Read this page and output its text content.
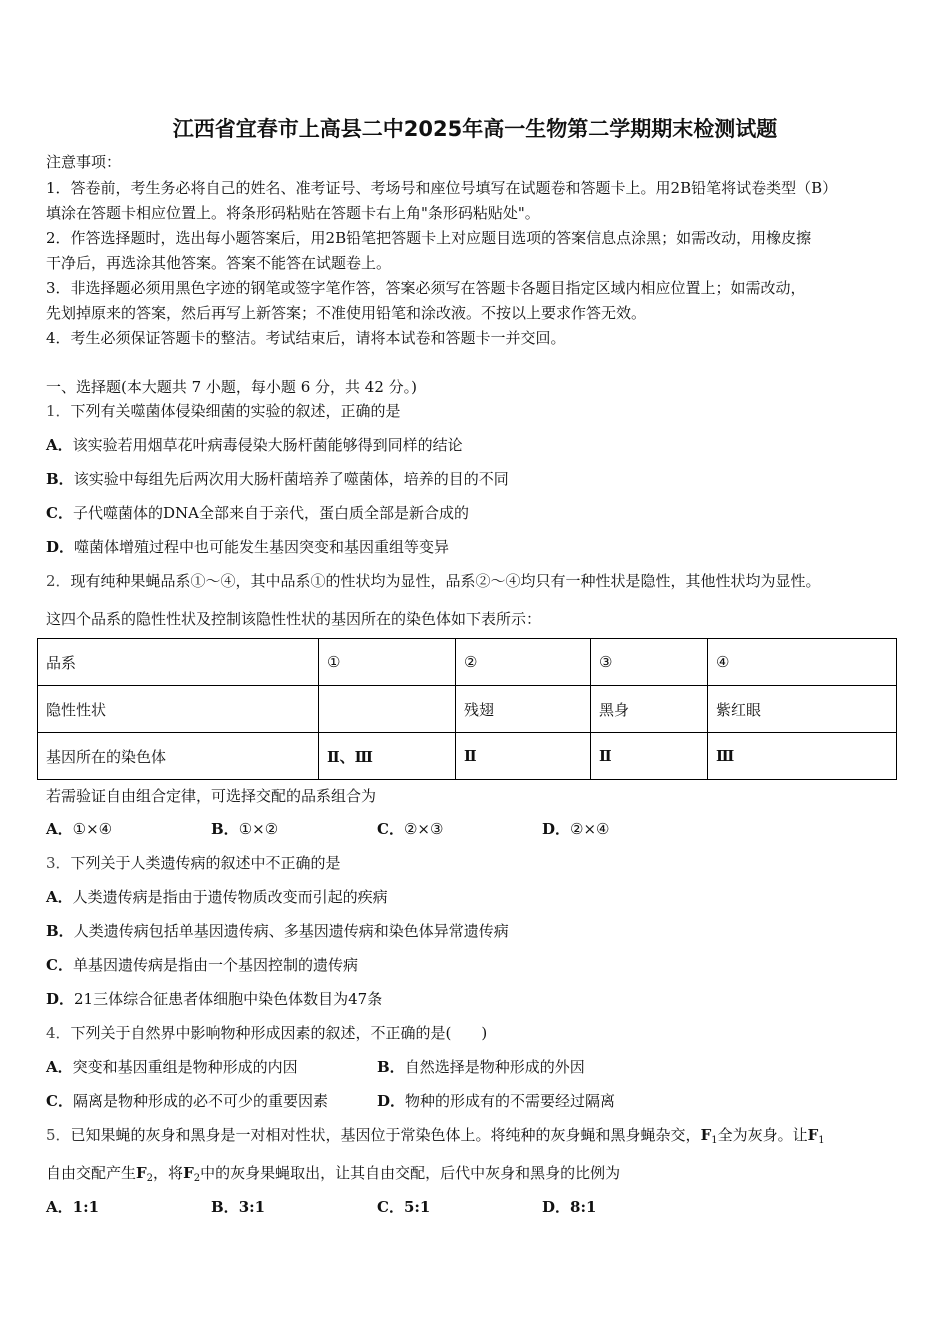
江西省宜春市上高县二中2025年高一生物第二学期期末检测试题
注意事项：
1．答卷前，考生务必将自己的姓名、准考证号、考场号和座位号填写在试题卷和答题卡上。用2B铅笔将试卷类型（B）
填涂在答题卡相应位置上。将条形码粘贴在答题卡右上角"条形码粘贴处"。
2．作答选择题时，选出每小题答案后，用2B铅笔把答题卡上对应题目选项的答案信息点涂黑；如需改动，用橡皮擦
干净后，再选涂其他答案。答案不能答在试题卷上。
3．非选择题必须用黑色字迹的钢笔或签字笔作答，答案必须写在答题卡各题目指定区域内相应位置上；如需改动，
先划掉原来的答案，然后再写上新答案；不准使用铅笔和涂改液。不按以上要求作答无效。
4．考生必须保证答题卡的整洁。考试结束后，请将本试卷和答题卡一并交回。
一、选择题(本大题共 7 小题，每小题 6 分，共 42 分。)
1．下列有关噬菌体侵染细菌的实验的叙述，正确的是
A．该实验若用烟草花叶病毒侵染大肠杆菌能够得到同样的结论
B．该实验中每组先后两次用大肠杆菌培养了噬菌体，培养的目的不同
C．子代噬菌体的DNA全部来自于亲代，蛋白质全部是新合成的
D．噬菌体增殖过程中也可能发生基因突变和基因重组等变异
2．现有纯种果蝇品系①～④，其中品系①的性状均为显性，品系②～④均只有一种性状是隐性，其他性状均为显性。
这四个品系的隐性性状及控制该隐性性状的基因所在的染色体如下表所示：
品系	①	②	③	④
隐性性状		残翅	黑身	紫红眼
基因所在的染色体	Ⅱ、Ⅲ	Ⅱ	Ⅱ	Ⅲ
若需验证自由组合定律，可选择交配的品系组合为
A．①×④	B．①×②	C．②×③	D．②×④
3．下列关于人类遗传病的叙述中不正确的是
A．人类遗传病是指由于遗传物质改变而引起的疾病
B．人类遗传病包括单基因遗传病、多基因遗传病和染色体异常遗传病
C．单基因遗传病是指由一个基因控制的遗传病
D．21三体综合征患者体细胞中染色体数目为47条
4．下列关于自然界中影响物种形成因素的叙述，不正确的是(　　)
A．突变和基因重组是物种形成的内因	B．自然选择是物种形成的外因
C．隔离是物种形成的必不可少的重要因素	D．物种的形成有的不需要经过隔离
5．已知果蝇的灰身和黑身是一对相对性状，基因位于常染色体上。将纯种的灰身蝇和黑身蝇杂交，$F_1$全为灰身。让$F_1$
自由交配产生$F_2$，将$F_2$中的灰身果蝇取出，让其自由交配，后代中灰身和黑身的比例为
A．1:1	B．3:1	C．5:1	D．8:1
